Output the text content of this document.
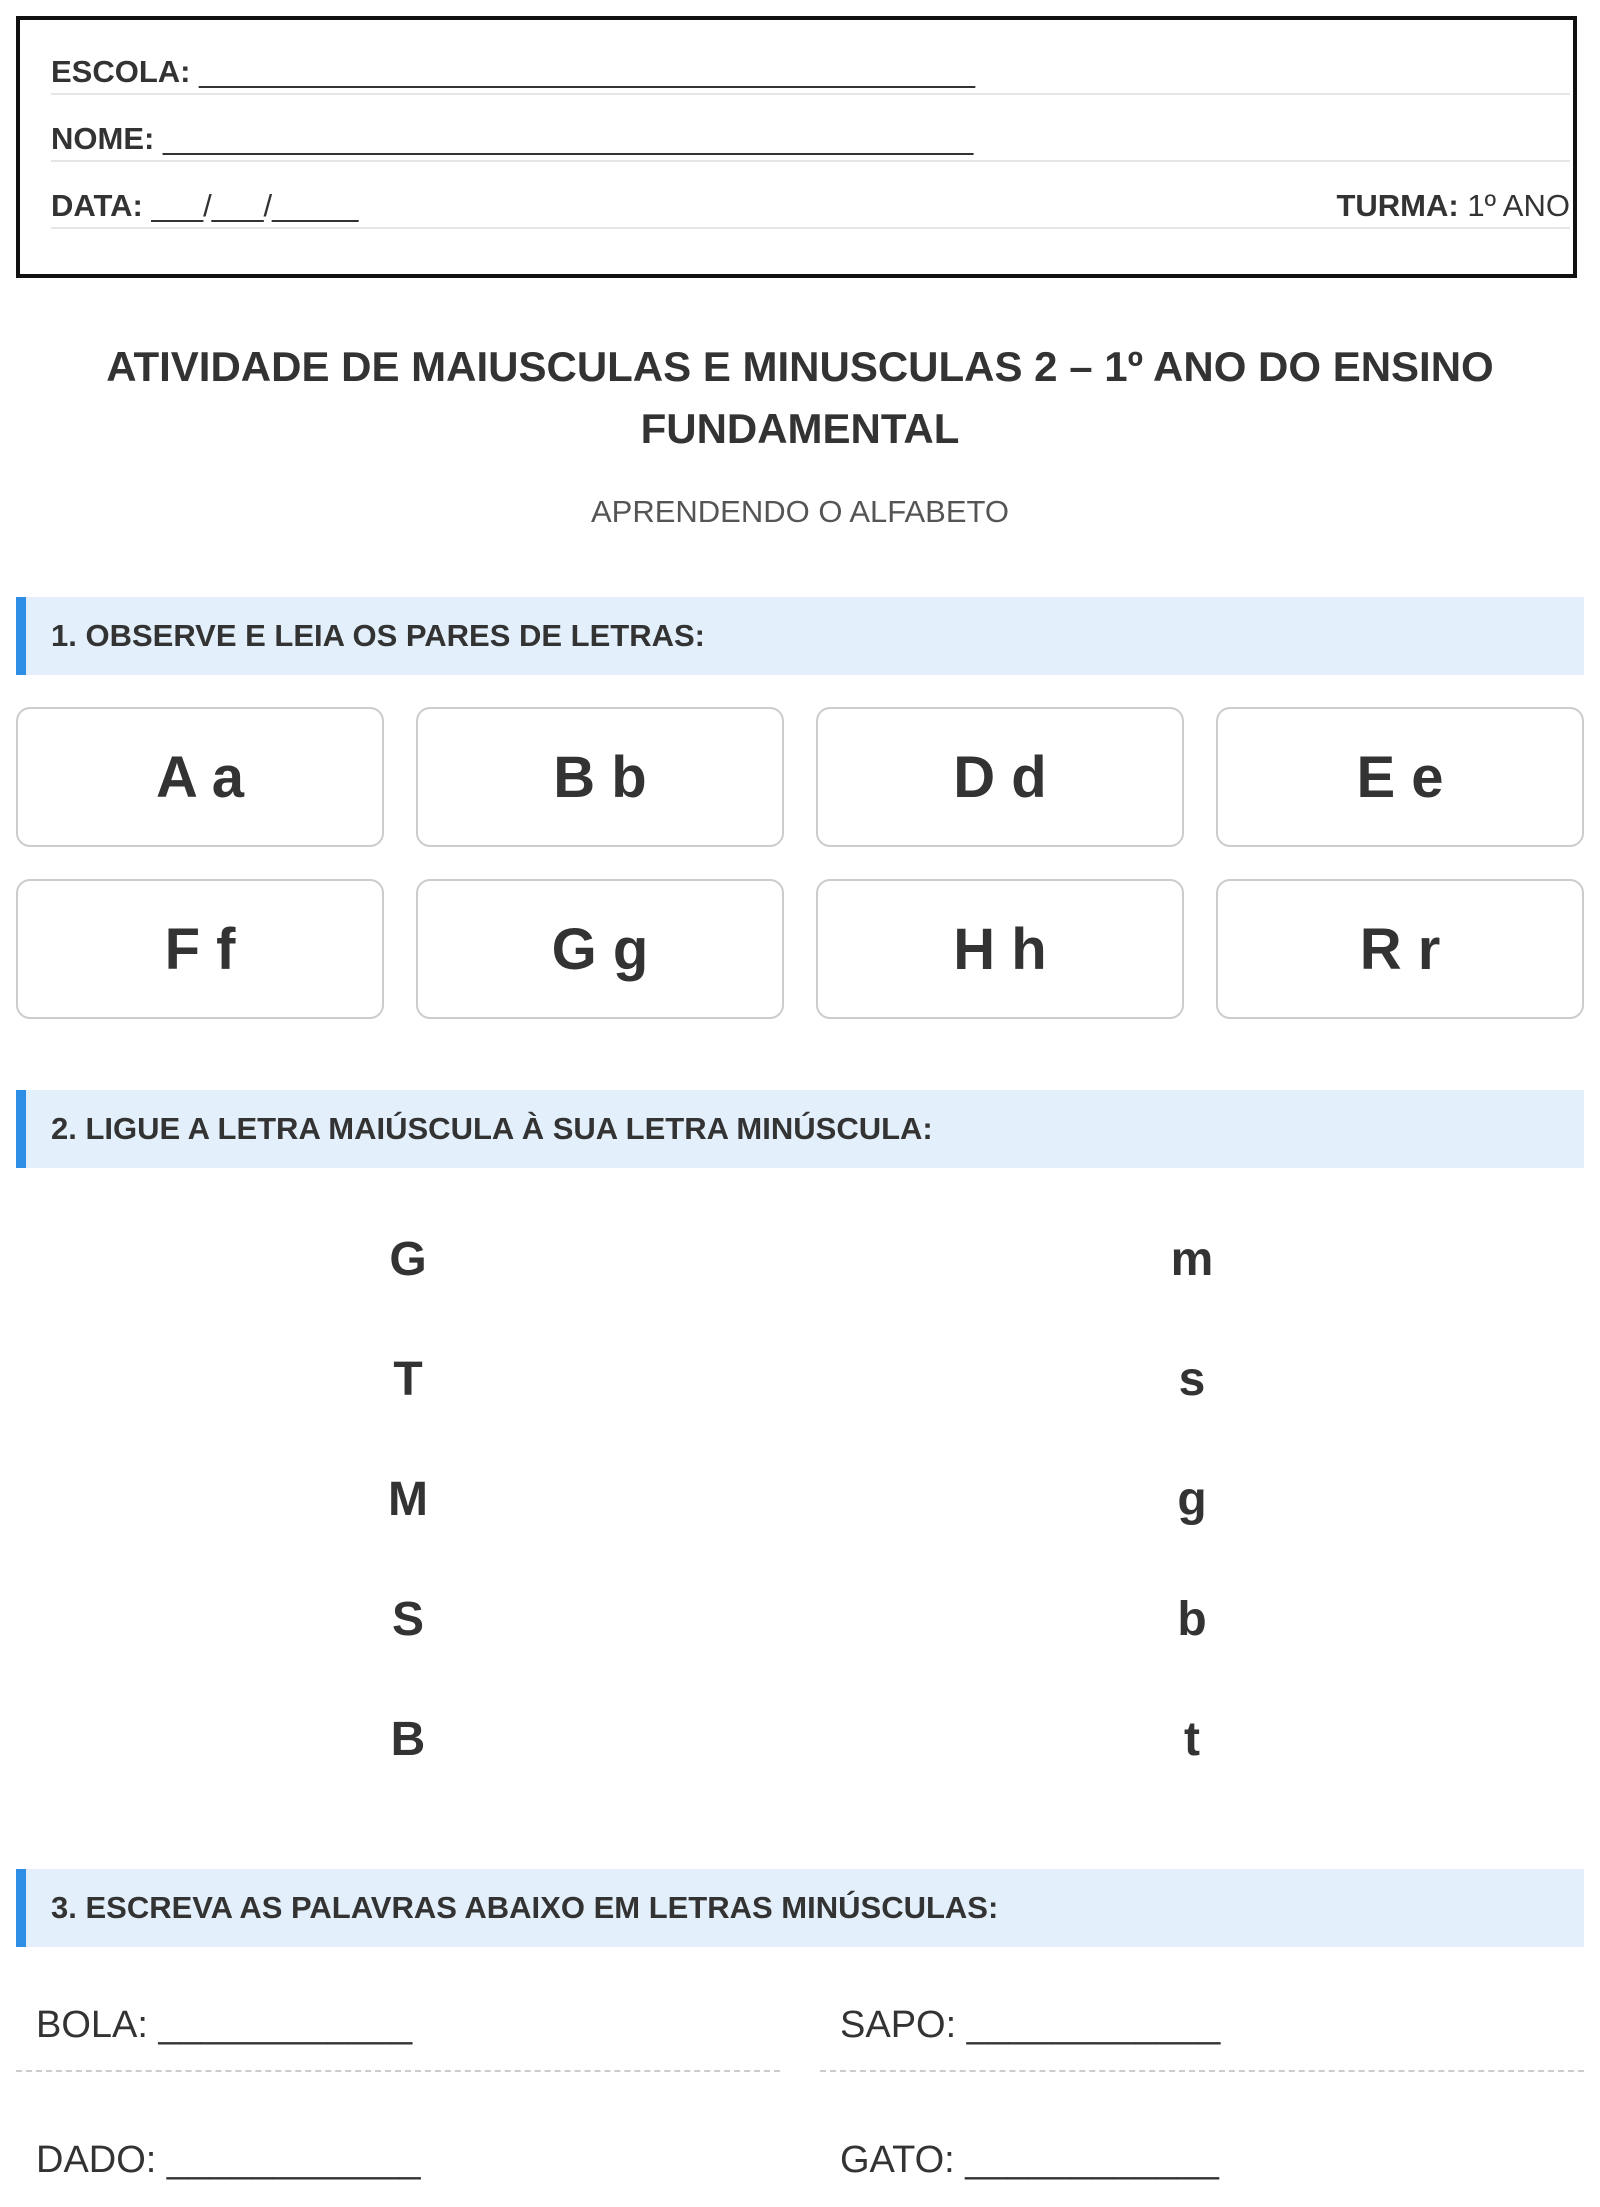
ESCOLA: _____________________________________________
NOME: _______________________________________________
DATA: ___/___/_____	TURMA: 1º ANO
ATIVIDADE DE MAIUSCULAS E MINUSCULAS 2 – 1º ANO DO ENSINO FUNDAMENTAL
APRENDENDO O ALFABETO
1. OBSERVE E LEIA OS PARES DE LETRAS:
A a	B b	D d	E e
F f	G g	H h	R r
2. LIGUE A LETRA MAIÚSCULA À SUA LETRA MINÚSCULA:
G
T
M
S
B
m
s
g
b
t
3. ESCREVA AS PALAVRAS ABAIXO EM LETRAS MINÚSCULAS:
BOLA: ____________	SAPO: ____________
DADO: ____________	GATO: ____________
